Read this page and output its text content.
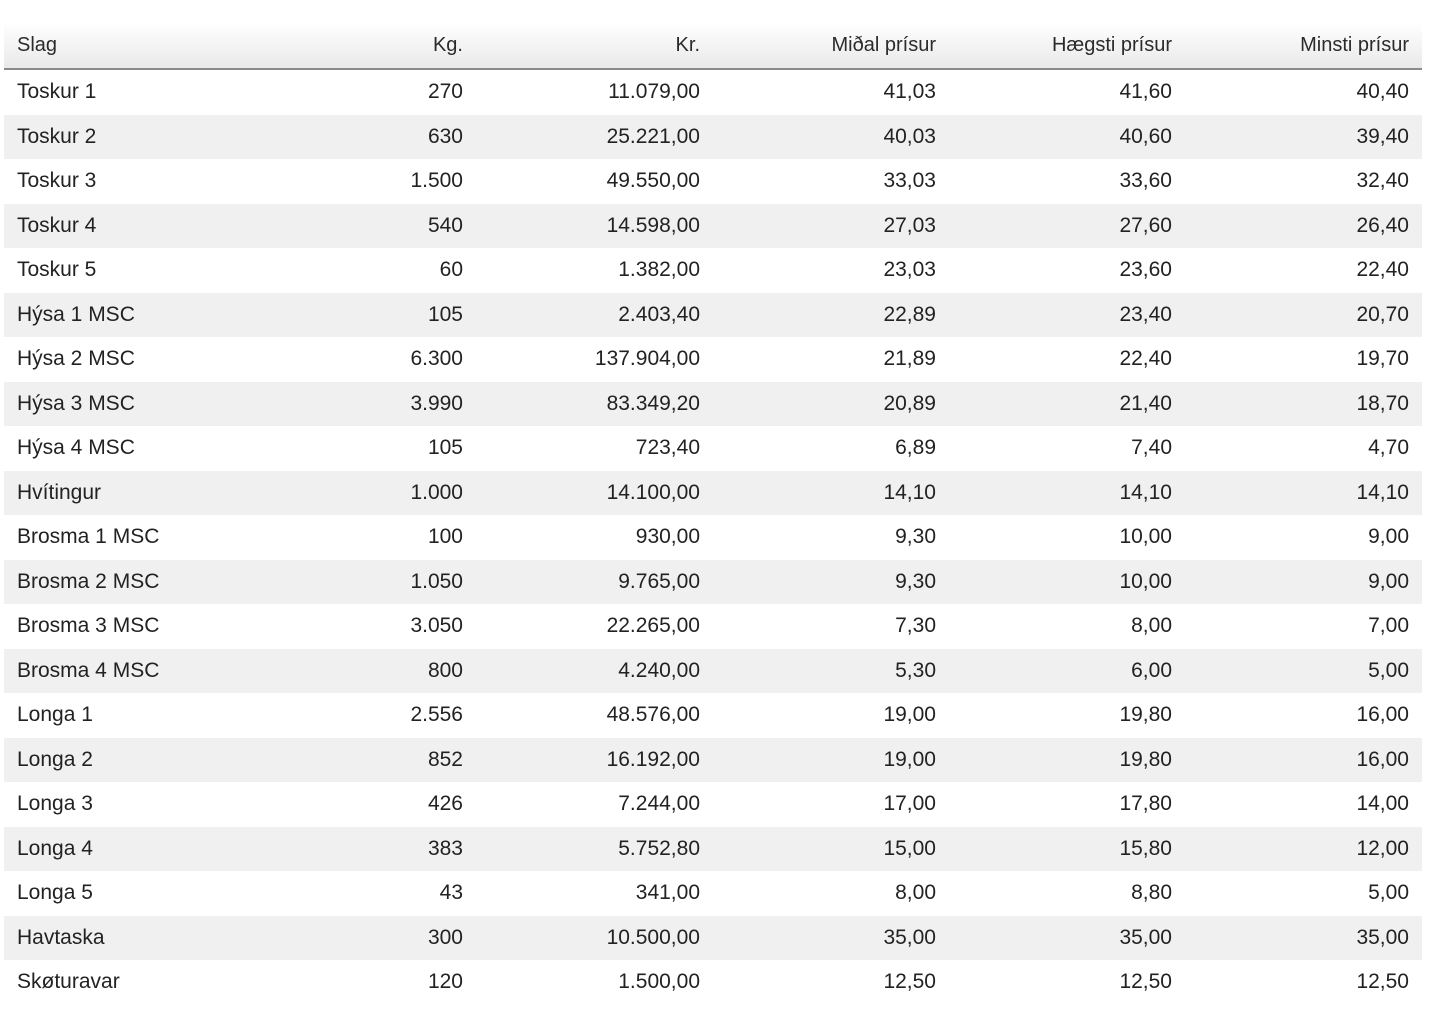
Slag	Kg.	Kr.	Miðal prísur	Hægsti prísur	Minsti prísur
Toskur 1	270	11.079,00	41,03	41,60	40,40
Toskur 2	630	25.221,00	40,03	40,60	39,40
Toskur 3	1.500	49.550,00	33,03	33,60	32,40
Toskur 4	540	14.598,00	27,03	27,60	26,40
Toskur 5	60	1.382,00	23,03	23,60	22,40
Hýsa 1 MSC	105	2.403,40	22,89	23,40	20,70
Hýsa 2 MSC	6.300	137.904,00	21,89	22,40	19,70
Hýsa 3 MSC	3.990	83.349,20	20,89	21,40	18,70
Hýsa 4 MSC	105	723,40	6,89	7,40	4,70
Hvítingur	1.000	14.100,00	14,10	14,10	14,10
Brosma 1 MSC	100	930,00	9,30	10,00	9,00
Brosma 2 MSC	1.050	9.765,00	9,30	10,00	9,00
Brosma 3 MSC	3.050	22.265,00	7,30	8,00	7,00
Brosma 4 MSC	800	4.240,00	5,30	6,00	5,00
Longa 1	2.556	48.576,00	19,00	19,80	16,00
Longa 2	852	16.192,00	19,00	19,80	16,00
Longa 3	426	7.244,00	17,00	17,80	14,00
Longa 4	383	5.752,80	15,00	15,80	12,00
Longa 5	43	341,00	8,00	8,80	5,00
Havtaska	300	10.500,00	35,00	35,00	35,00
Skøturavar	120	1.500,00	12,50	12,50	12,50
